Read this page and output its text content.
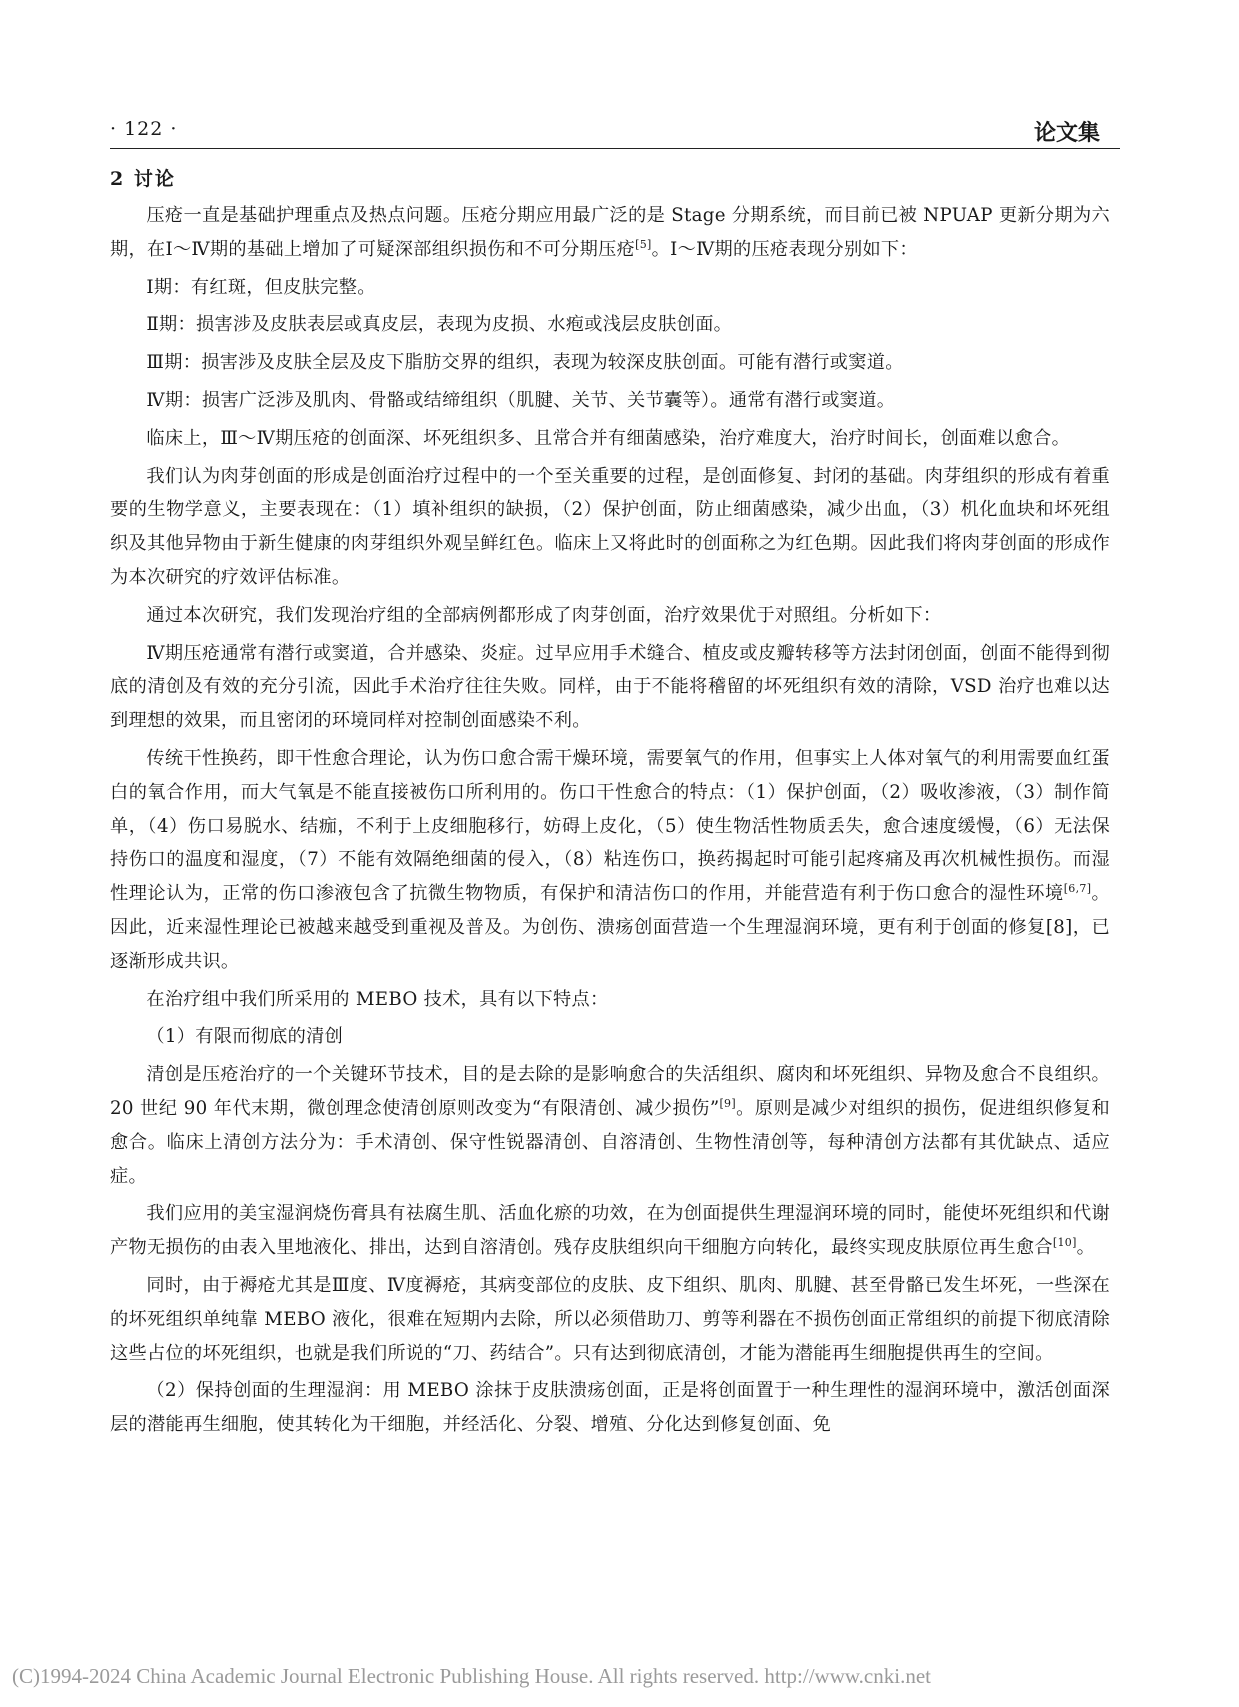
· 122 ·	论文集
2 讨论

压疮一直是基础护理重点及热点问题。压疮分期应用最广泛的是 Stage 分期系统，而目前已被 NPUAP 更新分期为六期，在Ⅰ～Ⅳ期的基础上增加了可疑深部组织损伤和不可分期压疮[5]。Ⅰ～Ⅳ期的压疮表现分别如下：

Ⅰ期：有红斑，但皮肤完整。

Ⅱ期：损害涉及皮肤表层或真皮层，表现为皮损、水疱或浅层皮肤创面。

Ⅲ期：损害涉及皮肤全层及皮下脂肪交界的组织，表现为较深皮肤创面。可能有潜行或窦道。

Ⅳ期：损害广泛涉及肌肉、骨骼或结缔组织（肌腱、关节、关节囊等）。通常有潜行或窦道。

临床上，Ⅲ～Ⅳ期压疮的创面深、坏死组织多、且常合并有细菌感染，治疗难度大，治疗时间长，创面难以愈合。

我们认为肉芽创面的形成是创面治疗过程中的一个至关重要的过程，是创面修复、封闭的基础。肉芽组织的形成有着重要的生物学意义，主要表现在：（1）填补组织的缺损，（2）保护创面，防止细菌感染，减少出血，（3）机化血块和坏死组织及其他异物由于新生健康的肉芽组织外观呈鲜红色。临床上又将此时的创面称之为红色期。因此我们将肉芽创面的形成作为本次研究的疗效评估标准。

通过本次研究，我们发现治疗组的全部病例都形成了肉芽创面，治疗效果优于对照组。分析如下：

Ⅳ期压疮通常有潜行或窦道，合并感染、炎症。过早应用手术缝合、植皮或皮瓣转移等方法封闭创面，创面不能得到彻底的清创及有效的充分引流，因此手术治疗往往失败。同样，由于不能将稽留的坏死组织有效的清除，VSD 治疗也难以达到理想的效果，而且密闭的环境同样对控制创面感染不利。

传统干性换药，即干性愈合理论，认为伤口愈合需干燥环境，需要氧气的作用，但事实上人体对氧气的利用需要血红蛋白的氧合作用，而大气氧是不能直接被伤口所利用的。伤口干性愈合的特点：（1）保护创面，（2）吸收渗液，（3）制作简单，（4）伤口易脱水、结痂，不利于上皮细胞移行，妨碍上皮化，（5）使生物活性物质丢失，愈合速度缓慢，（6）无法保持伤口的温度和湿度，（7）不能有效隔绝细菌的侵入，（8）粘连伤口，换药揭起时可能引起疼痛及再次机械性损伤。而湿性理论认为，正常的伤口渗液包含了抗微生物物质，有保护和清洁伤口的作用，并能营造有利于伤口愈合的湿性环境[6,7]。因此，近来湿性理论已被越来越受到重视及普及。为创伤、溃疡创面营造一个生理湿润环境，更有利于创面的修复[8]，已逐渐形成共识。

在治疗组中我们所采用的 MEBO 技术，具有以下特点：

（1）有限而彻底的清创

清创是压疮治疗的一个关键环节技术，目的是去除的是影响愈合的失活组织、腐肉和坏死组织、异物及愈合不良组织。20 世纪 90 年代末期，微创理念使清创原则改变为“有限清创、减少损伤”[9]。原则是减少对组织的损伤，促进组织修复和愈合。临床上清创方法分为：手术清创、保守性锐器清创、自溶清创、生物性清创等，每种清创方法都有其优缺点、适应症。

我们应用的美宝湿润烧伤膏具有祛腐生肌、活血化瘀的功效，在为创面提供生理湿润环境的同时，能使坏死组织和代谢产物无损伤的由表入里地液化、排出，达到自溶清创。残存皮肤组织向干细胞方向转化，最终实现皮肤原位再生愈合[10]。

同时，由于褥疮尤其是Ⅲ度、Ⅳ度褥疮，其病变部位的皮肤、皮下组织、肌肉、肌腱、甚至骨骼已发生坏死，一些深在的坏死组织单纯靠 MEBO 液化，很难在短期内去除，所以必须借助刀、剪等利器在不损伤创面正常组织的前提下彻底清除这些占位的坏死组织，也就是我们所说的“刀、药结合”。只有达到彻底清创，才能为潜能再生细胞提供再生的空间。

（2）保持创面的生理湿润：用 MEBO 涂抹于皮肤溃疡创面，正是将创面置于一种生理性的湿润环境中，激活创面深层的潜能再生细胞，使其转化为干细胞，并经活化、分裂、增殖、分化达到修复创面、免

(C)1994-2024 China Academic Journal Electronic Publishing House. All rights reserved. http://www.cnki.net
